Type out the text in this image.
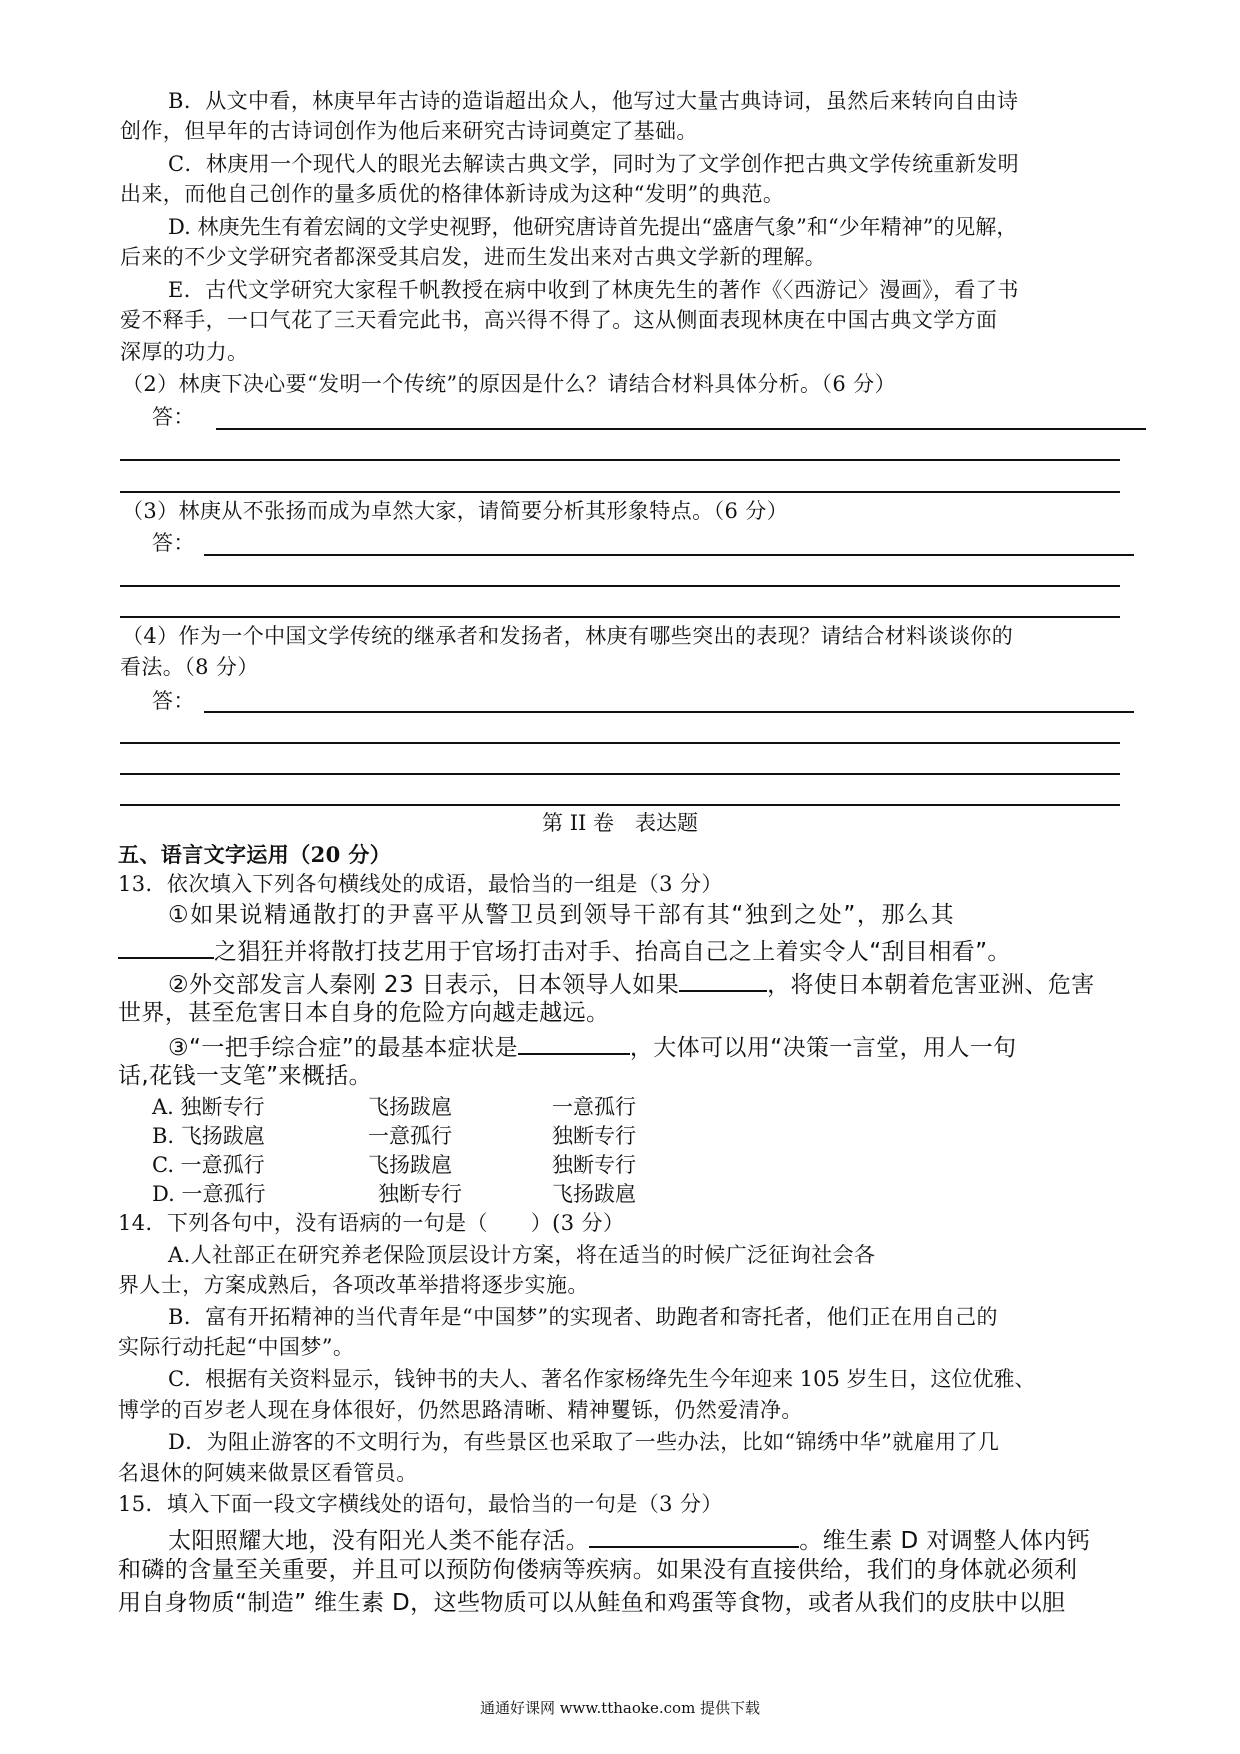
B．从文中看，林庚早年古诗的造诣超出众人，他写过大量古典诗词，虽然后来转向自由诗
创作，但早年的古诗词创作为他后来研究古诗词奠定了基础。
C．林庚用一个现代人的眼光去解读古典文学，同时为了文学创作把古典文学传统重新发明
出来，而他自己创作的量多质优的格律体新诗成为这种“发明”的典范。
D. 林庚先生有着宏阔的文学史视野，他研究唐诗首先提出“盛唐气象”和“少年精神”的见解，
后来的不少文学研究者都深受其启发，进而生发出来对古典文学新的理解。
E．古代文学研究大家程千帆教授在病中收到了林庚先生的著作《〈西游记〉漫画》，看了书
爱不释手，一口气花了三天看完此书，高兴得不得了。这从侧面表现林庚在中国古典文学方面
深厚的功力。
（2）林庚下决心要“发明一个传统”的原因是什么？请结合材料具体分析。（6 分）
答：
（3）林庚从不张扬而成为卓然大家，请简要分析其形象特点。（6 分）
答：
（4）作为一个中国文学传统的继承者和发扬者，林庚有哪些突出的表现？请结合材料谈谈你的
看法。（8 分）
答：
第 II 卷　表达题
五、语言文字运用（20 分）
13．依次填入下列各句横线处的成语，最恰当的一组是（3 分）
①如果说精通散打的尹喜平从警卫员到领导干部有其“独到之处”，那么其
之猖狂并将散打技艺用于官场打击对手、抬高自己之上着实令人“刮目相看”。
②外交部发言人秦刚 23 日表示，日本领导人如果	，将使日本朝着危害亚洲、危害
世界，甚至危害日本自身的危险方向越走越远。
③“一把手综合症”的最基本症状是	，大体可以用“决策一言堂，用人一句
话,花钱一支笔”来概括。
A. 独断专行	飞扬跋扈	一意孤行
B. 飞扬跋扈	一意孤行	独断专行
C. 一意孤行	飞扬跋扈	独断专行
D. 一意孤行	独断专行	飞扬跋扈
14．下列各句中，没有语病的一句是（　　）(3 分）
A.人社部正在研究养老保险顶层设计方案，将在适当的时候广泛征询社会各
界人士，方案成熟后，各项改革举措将逐步实施。
B．富有开拓精神的当代青年是“中国梦”的实现者、助跑者和寄托者，他们正在用自己的
实际行动托起“中国梦”。
C．根据有关资料显示，钱钟书的夫人、著名作家杨绛先生今年迎来 105 岁生日，这位优雅、
博学的百岁老人现在身体很好，仍然思路清晰、精神矍铄，仍然爱清净。
D．为阻止游客的不文明行为，有些景区也采取了一些办法，比如“锦绣中华”就雇用了几
名退休的阿姨来做景区看管员。
15．填入下面一段文字横线处的语句，最恰当的一句是（3 分）
太阳照耀大地，没有阳光人类不能存活。	。维生素 D 对调整人体内钙
和磷的含量至关重要，并且可以预防佝偻病等疾病。如果没有直接供给，我们的身体就必须利
用自身物质“制造” 维生素 D，这些物质可以从鲑鱼和鸡蛋等食物，或者从我们的皮肤中以胆
通通好课网 www.tthaoke.com 提供下载
